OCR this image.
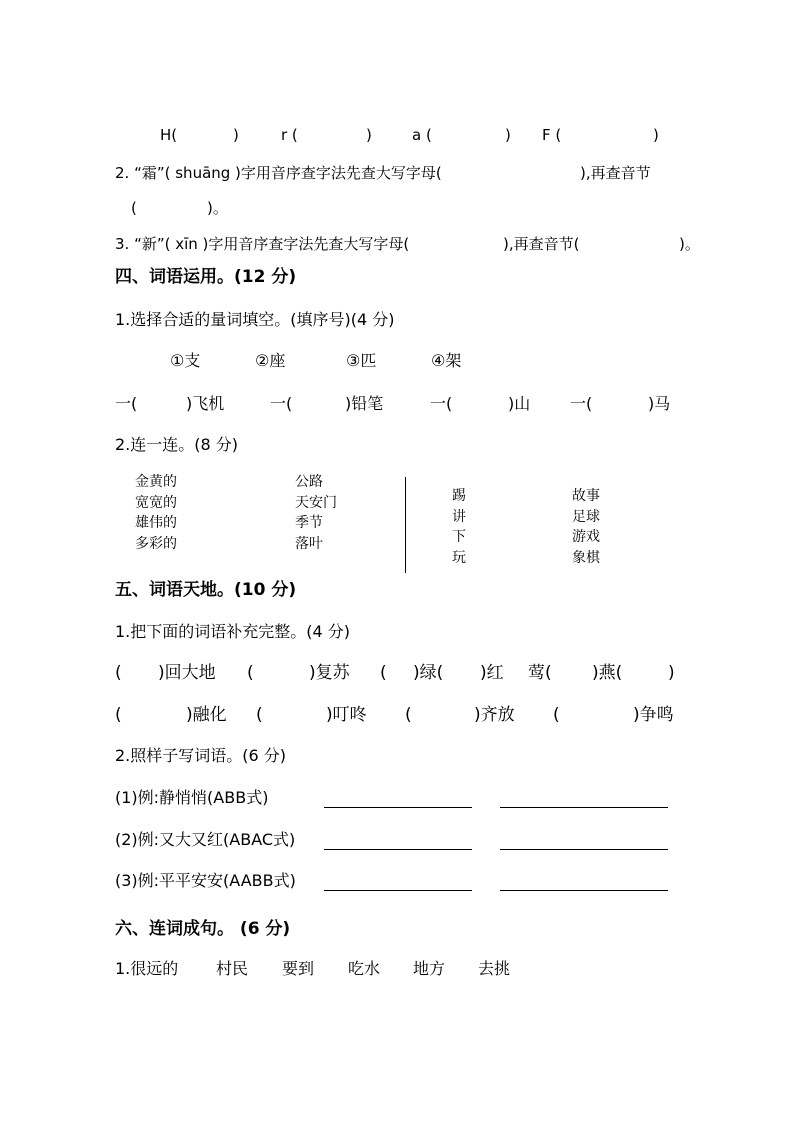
H(	)	r (	)	a (	) F (	)
2. “霜”( shuāng )字用音序查字法先查大写字母(	),再查音节
(	)。
3. “新”( xīn )字用音序查字法先查大写字母(	),再查音节(	)。
四、词语运用。(12 分)
1.选择合适的量词填空。(填序号)(4 分)
①支	②座	③匹	④架
一(	)飞机	一(	)铅笔	一(	)山 一(	)马
2.连一连。(8 分)
金黄的
宽宽的
雄伟的
多彩的
公路
天安门
季节
落叶
踢
讲
下
玩
故事
足球
游戏
象棋
五、词语天地。(10 分)
1.把下面的词语补充完整。(4 分)
( )回大地 (	)复苏 ( )绿( )红 莺( )燕(	)
(	)融化 (	)叮咚 (	)齐放 (	)争鸣
2.照样子写词语。(6 分)
(1)例:静悄悄(ABB式)
(2)例:又大又红(ABAC式)
(3)例:平平安安(AABB式)
六、连词成句。 (6 分)
1.很远的 村民 要到 吃水 地方 去挑
